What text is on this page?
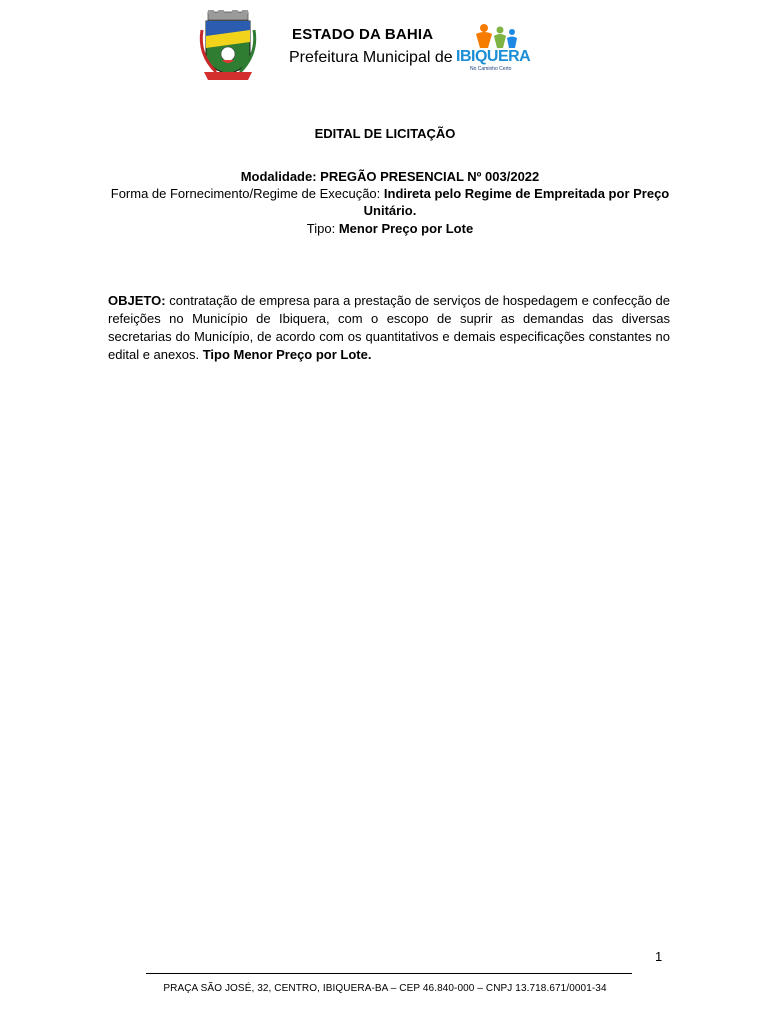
ESTADO DA BAHIA
Prefeitura Municipal de IBIQUERA
No Caminho Certo
EDITAL DE LICITAÇÃO
Modalidade: PREGÃO PRESENCIAL Nº 003/2022
Forma de Fornecimento/Regime de Execução: Indireta pelo Regime de Empreitada por Preço Unitário.
Tipo: Menor Preço por Lote
OBJETO: contratação de empresa para a prestação de serviços de hospedagem e confecção de refeições no Município de Ibiquera, com o escopo de suprir as demandas das diversas secretarias do Município, de acordo com os quantitativos e demais especificações constantes no edital e anexos. Tipo Menor Preço por Lote.
1
PRAÇA SÃO JOSÉ, 32, CENTRO, IBIQUERA-BA – CEP 46.840-000 – CNPJ 13.718.671/0001-34
